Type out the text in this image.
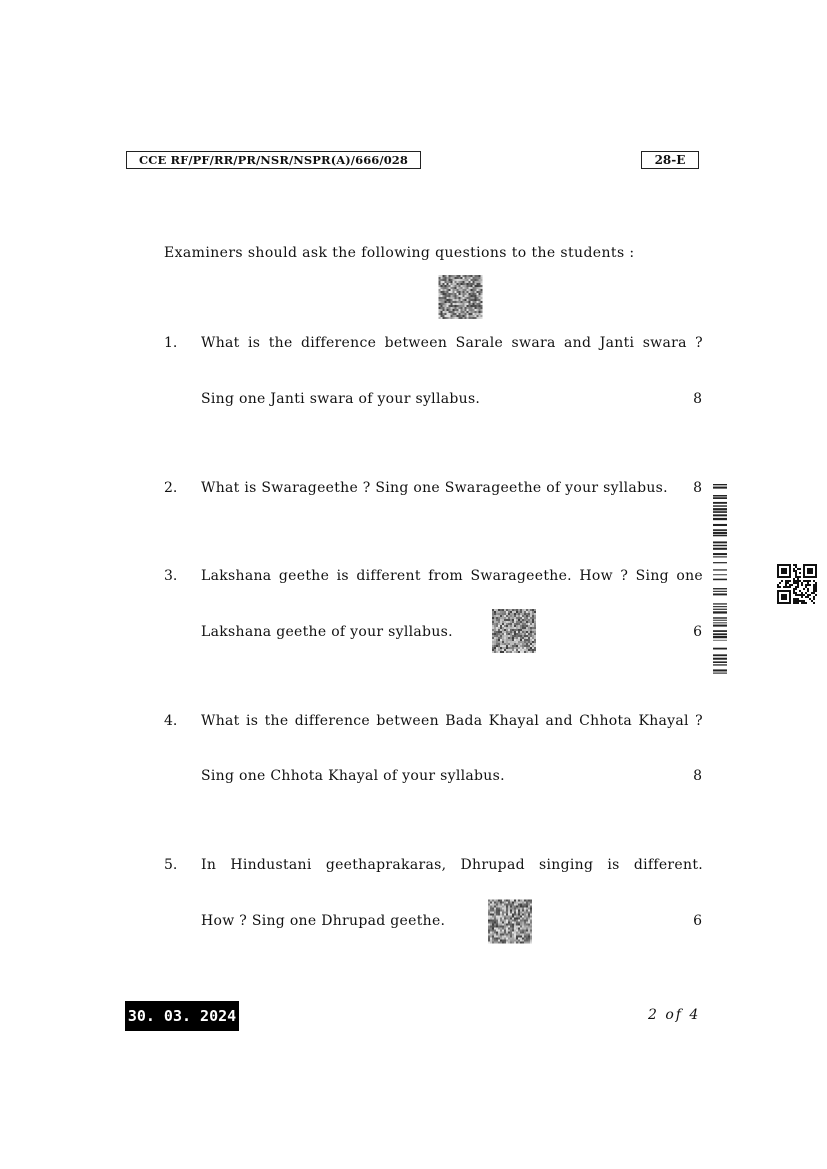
CCE RF/PF/RR/PR/NSR/NSPR(A)/666/028	28-E
Examiners should ask the following questions to the students :
1. What is the difference between Sarale swara and Janti swara ?
Sing one Janti swara of your syllabus.	8
2. What is Swarageethe ? Sing one Swarageethe of your syllabus.	8
3. Lakshana geethe is different from Swarageethe. How ? Sing one
Lakshana geethe of your syllabus.	6
4. What is the difference between Bada Khayal and Chhota Khayal ?
Sing one Chhota Khayal of your syllabus.	8
5. In Hindustani geethaprakaras, Dhrupad singing is different.
How ? Sing one Dhrupad geethe.	6
30. 03. 2024	2 of 4
